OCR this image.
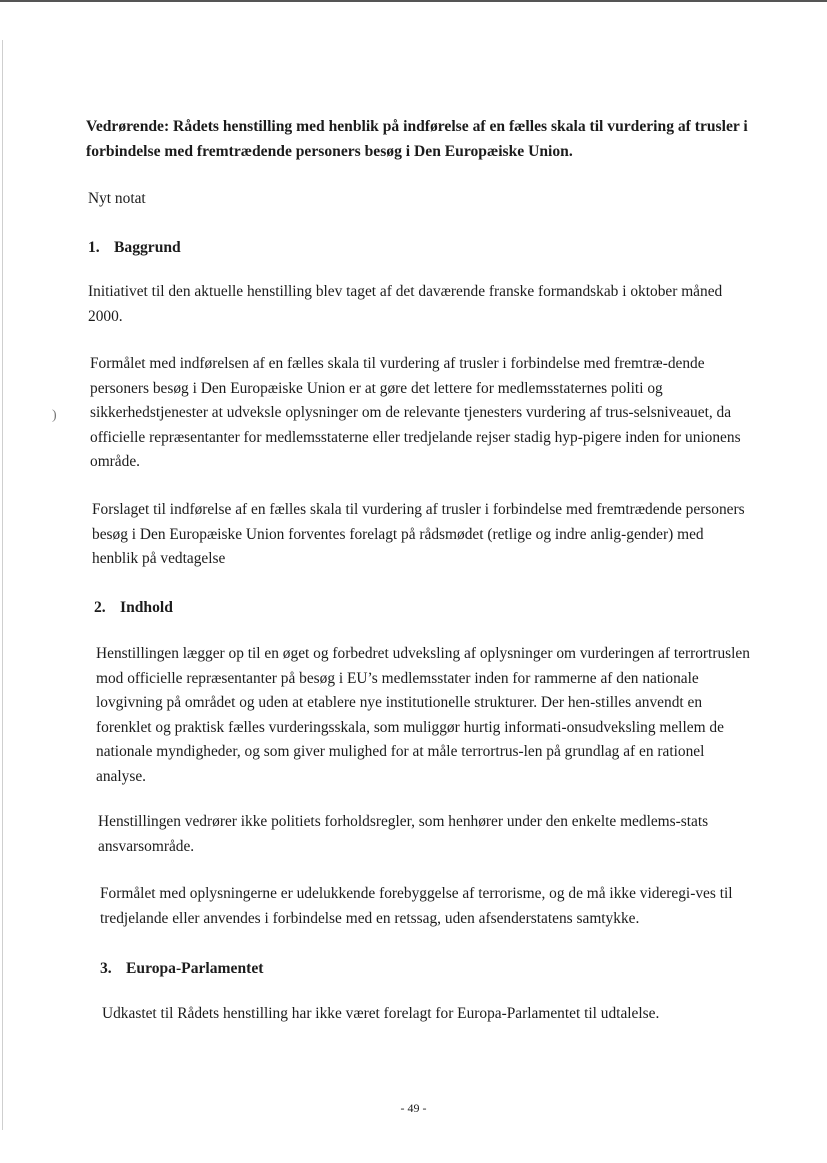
)

Vedrørende: Rådets henstilling med henblik på indførelse af en fælles skala til vurdering af trusler i forbindelse med fremtrædende personers besøg i Den Europæiske Union.

Nyt notat

1. Baggrund

Initiativet til den aktuelle henstilling blev taget af det daværende franske formandskab i oktober måned 2000.

Formålet med indførelsen af en fælles skala til vurdering af trusler i forbindelse med fremtræ-dende personers besøg i Den Europæiske Union er at gøre det lettere for medlemsstaternes politi og sikkerhedstjenester at udveksle oplysninger om de relevante tjenesters vurdering af trus-selsniveauet, da officielle repræsentanter for medlemsstaterne eller tredjelande rejser stadig hyp-pigere inden for unionens område.

Forslaget til indførelse af en fælles skala til vurdering af trusler i forbindelse med fremtrædende personers besøg i Den Europæiske Union forventes forelagt på rådsmødet (retlige og indre anlig-gender) med henblik på vedtagelse

2. Indhold

Henstillingen lægger op til en øget og forbedret udveksling af oplysninger om vurderingen af terrortruslen mod officielle repræsentanter på besøg i EU’s medlemsstater inden for rammerne af den nationale lovgivning på området og uden at etablere nye institutionelle strukturer. Der hen-stilles anvendt en forenklet og praktisk fælles vurderingsskala, som muliggør hurtig informati-onsudveksling mellem de nationale myndigheder, og som giver mulighed for at måle terrortrus-len på grundlag af en rationel analyse.

Henstillingen vedrører ikke politiets forholdsregler, som henhører under den enkelte medlems-stats ansvarsområde.

Formålet med oplysningerne er udelukkende forebyggelse af terrorisme, og de må ikke videregi-ves til tredjelande eller anvendes i forbindelse med en retssag, uden afsenderstatens samtykke.

3. Europa-Parlamentet

Udkastet til Rådets henstilling har ikke været forelagt for Europa-Parlamentet til udtalelse.

- 49 -
